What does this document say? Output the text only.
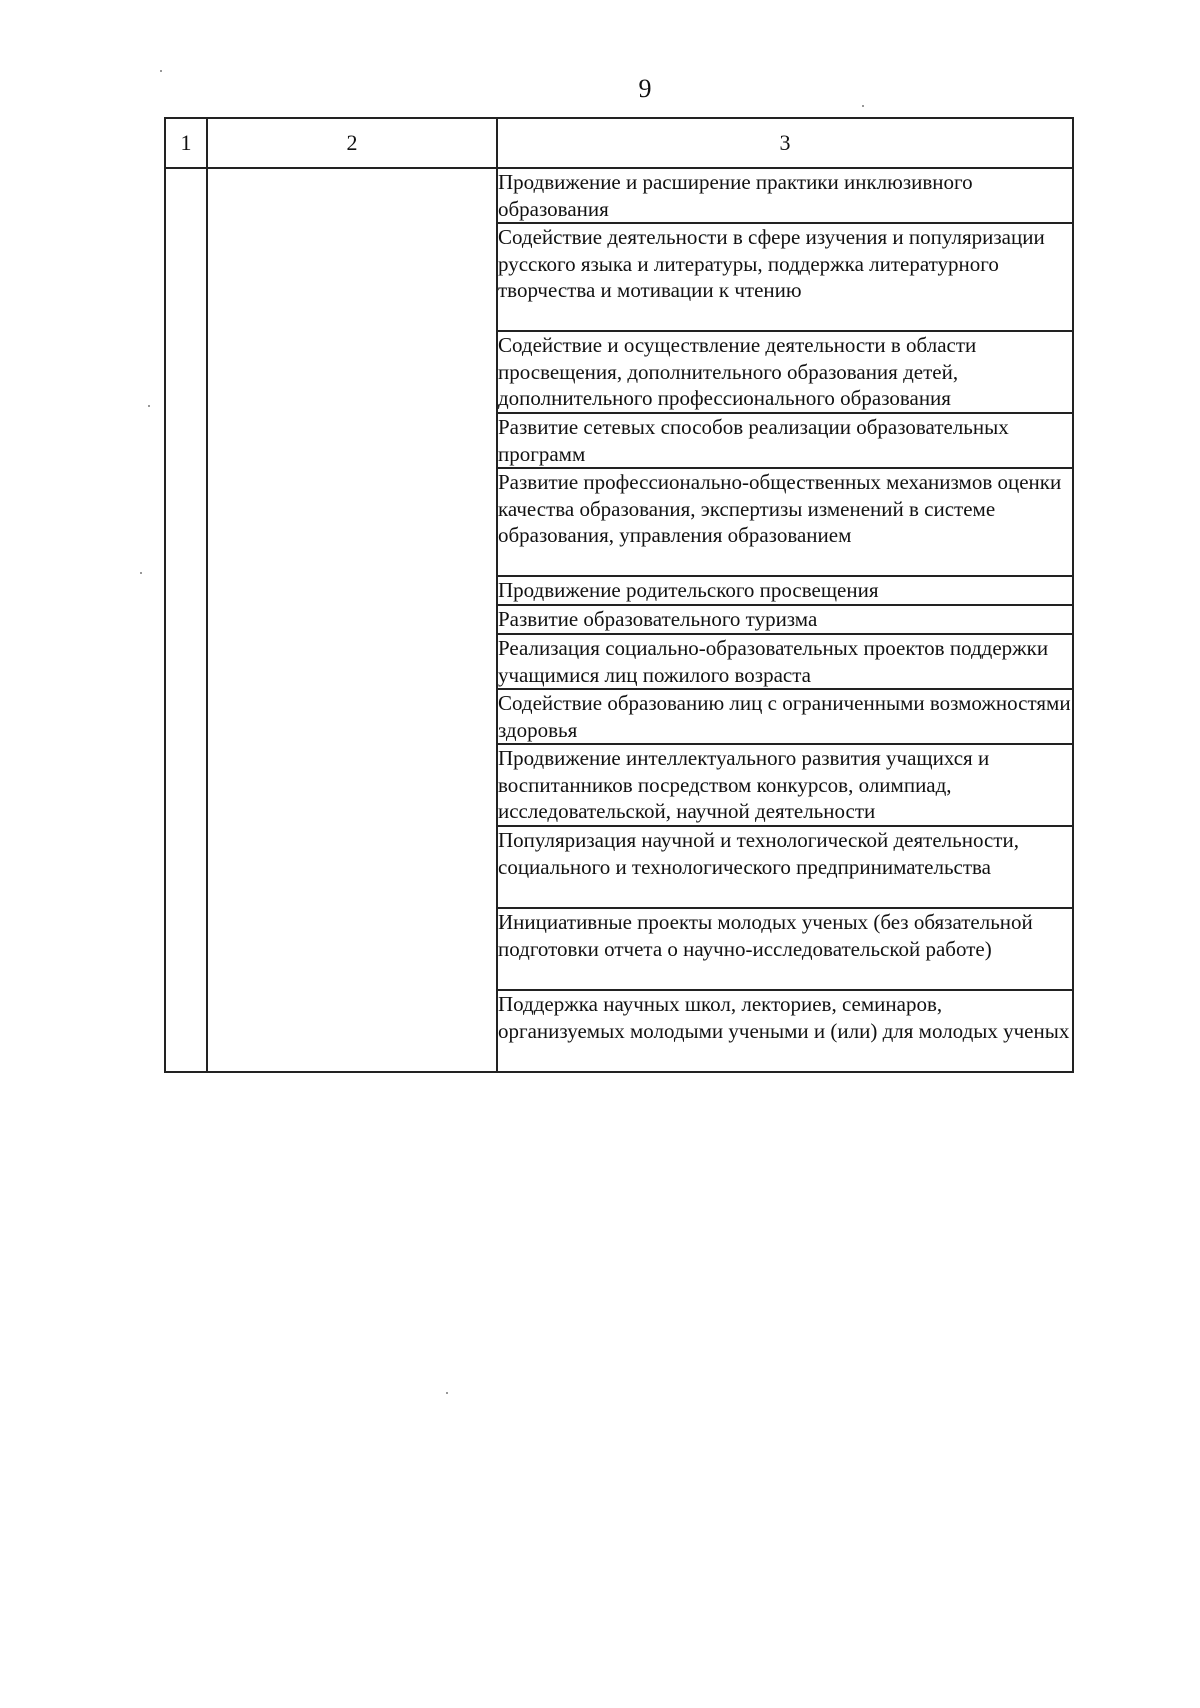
9
1	2	3
		Продвижение и расширение практики инклюзивного образования
		Содействие деятельности в сфере изучения и популяризации русского языка и литературы, поддержка литературного творчества и мотивации к чтению
		Содействие и осуществление деятельности в области просвещения, дополнительного образования детей, дополнительного профессионального образования
		Развитие сетевых способов реализации образовательных программ
		Развитие профессионально-общественных механизмов оценки качества образования, экспертизы изменений в системе образования, управления образованием
		Продвижение родительского просвещения
		Развитие образовательного туризма
		Реализация социально-образовательных проектов поддержки учащимися лиц пожилого возраста
		Содействие образованию лиц с ограниченными возможностями здоровья
		Продвижение интеллектуального развития учащихся и воспитанников посредством конкурсов, олимпиад, исследовательской, научной деятельности
		Популяризация научной и технологической деятельности, социального и технологического предпринимательства
		Инициативные проекты молодых ученых (без обязательной подготовки отчета о научно-исследовательской работе)
		Поддержка научных школ, лекториев, семинаров, организуемых молодыми учеными и (или) для молодых ученых
